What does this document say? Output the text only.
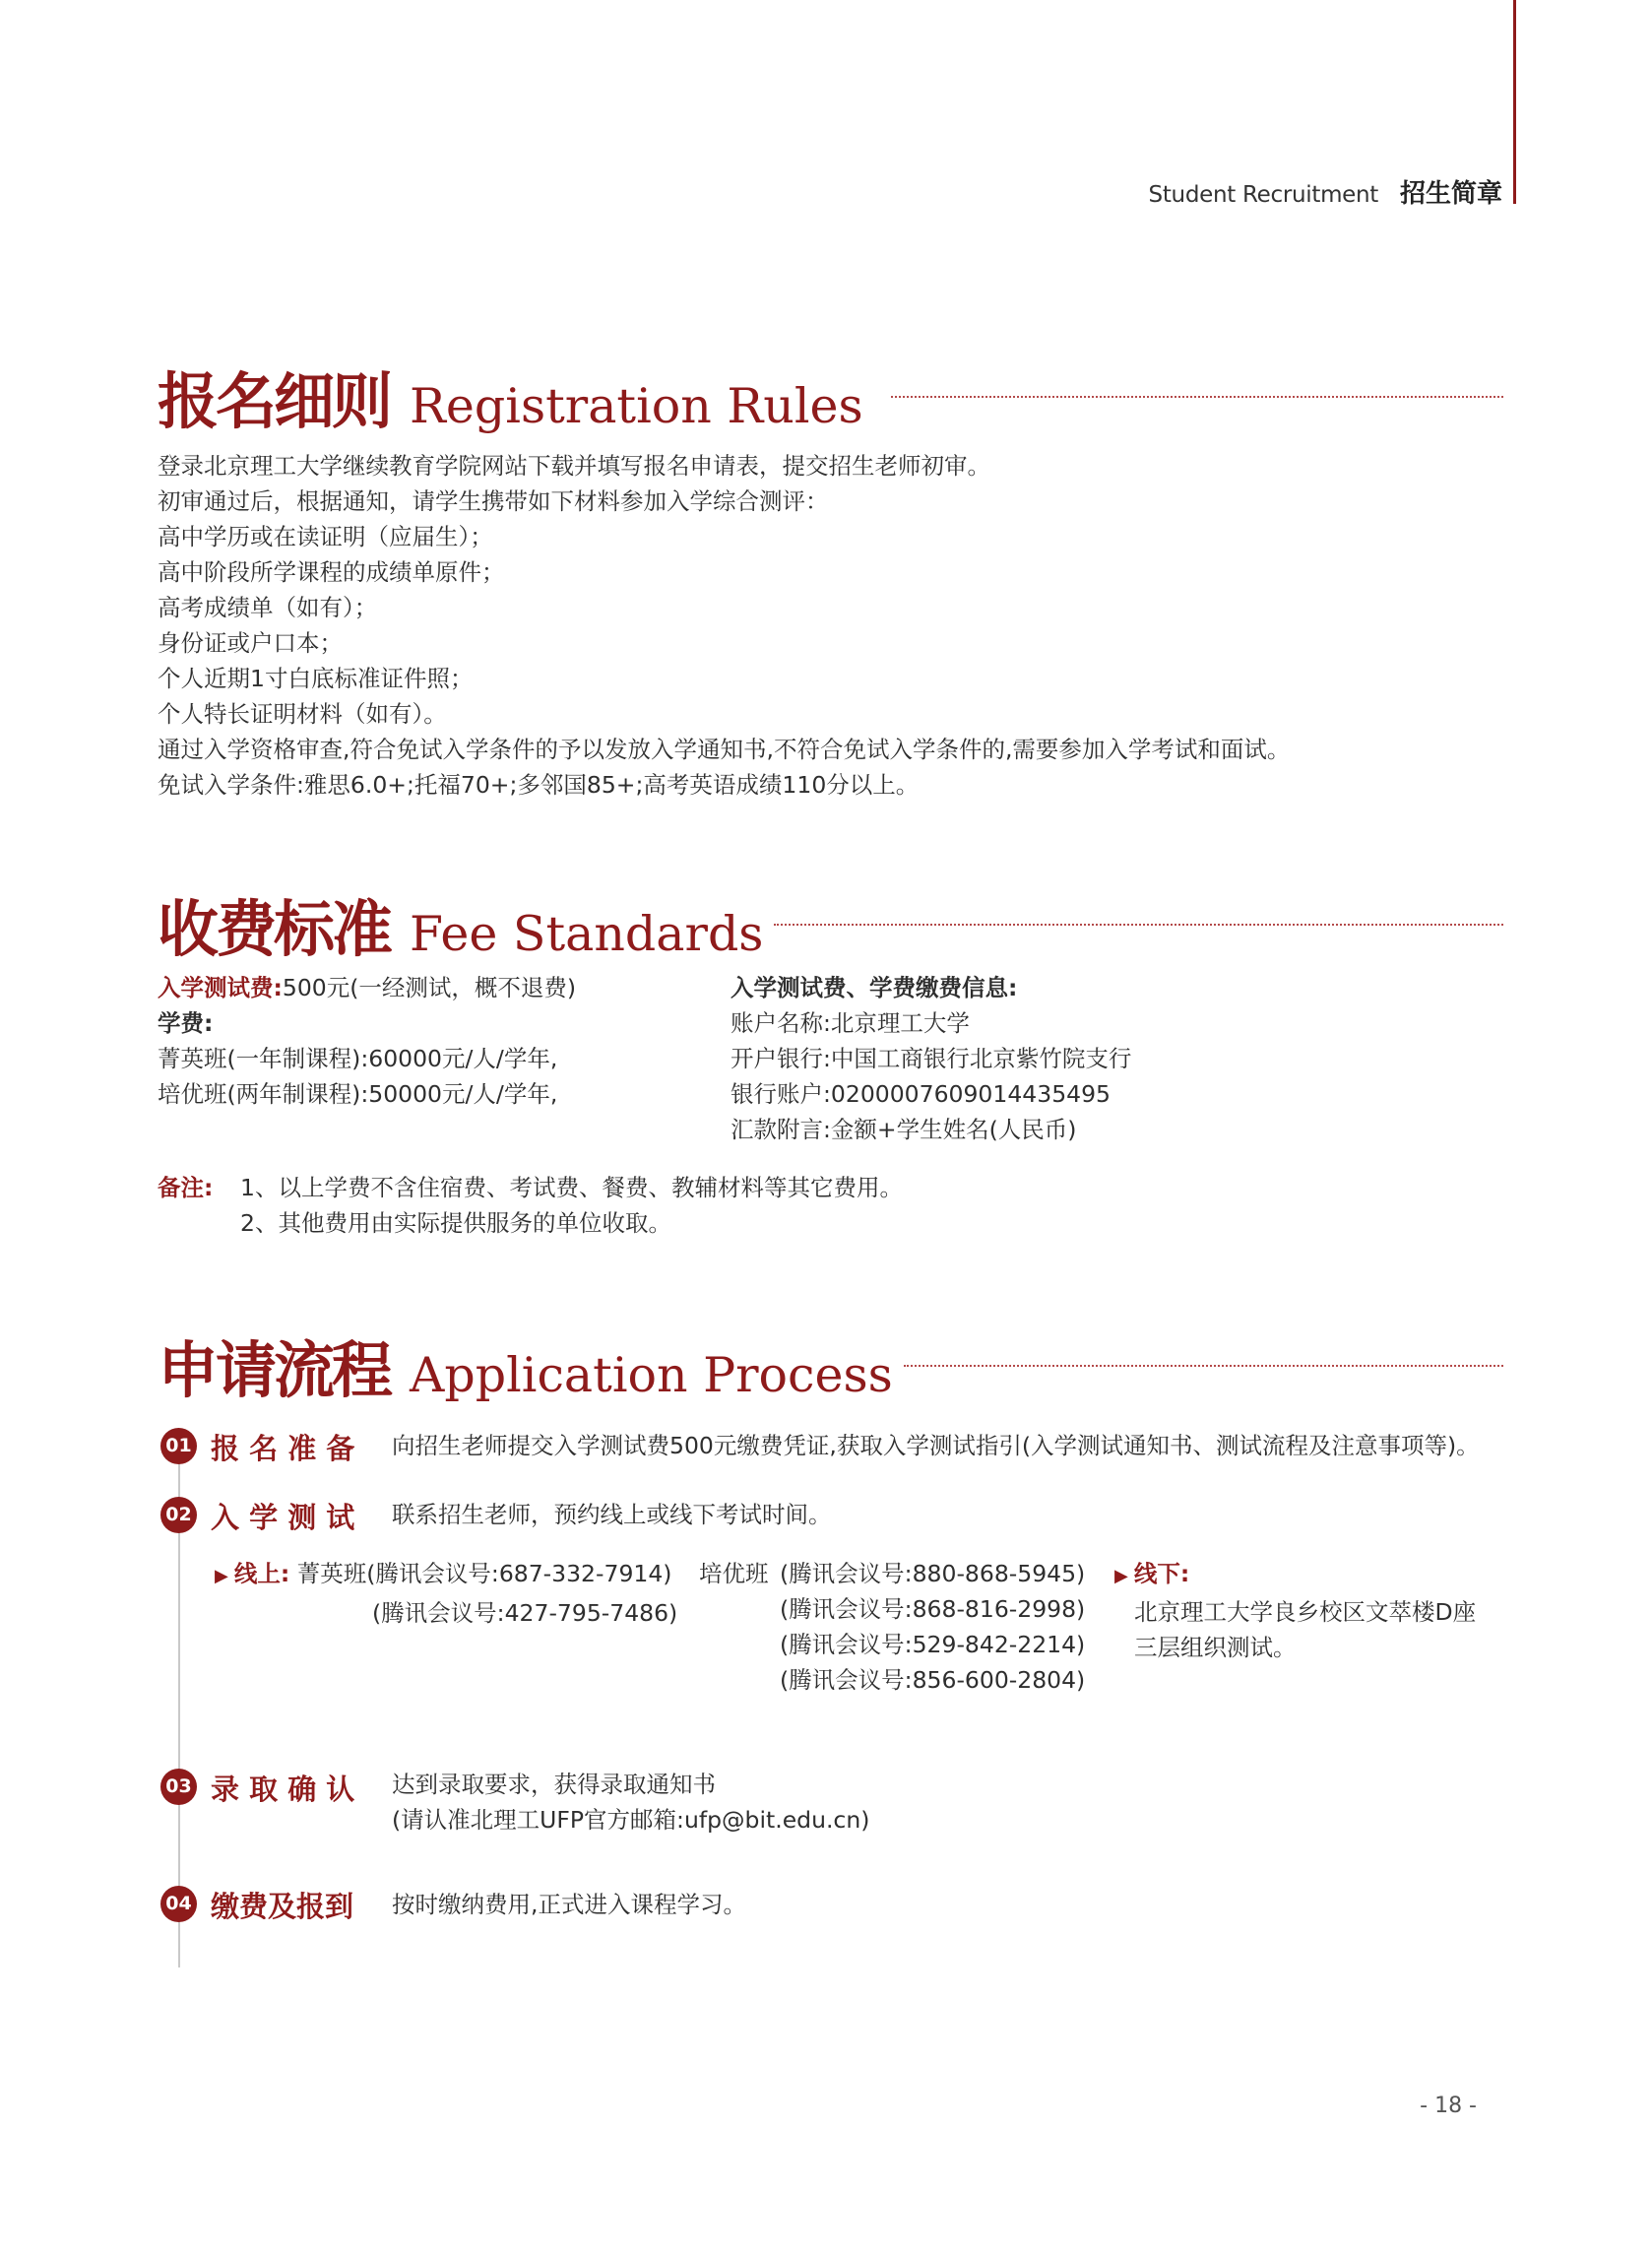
Student Recruitment 招生简章
报名细则 Registration Rules
登录北京理工大学继续教育学院网站下载并填写报名申请表，提交招生老师初审。
初审通过后，根据通知，请学生携带如下材料参加入学综合测评：
高中学历或在读证明（应届生）；
高中阶段所学课程的成绩单原件；
高考成绩单（如有）；
身份证或户口本；
个人近期1寸白底标准证件照；
个人特长证明材料（如有）。
通过入学资格审查,符合免试入学条件的予以发放入学通知书,不符合免试入学条件的,需要参加入学考试和面试。
免试入学条件:雅思6.0+;托福70+;多邻国85+;高考英语成绩110分以上。
收费标准 Fee Standards
入学测试费:500元(一经测试，概不退费)
学费:
菁英班(一年制课程):60000元/人/学年,
培优班(两年制课程):50000元/人/学年,
入学测试费、学费缴费信息:
账户名称:北京理工大学
开户银行:中国工商银行北京紫竹院支行
银行账户:0200007609014435495
汇款附言:金额+学生姓名(人民币)
备注: 1、以上学费不含住宿费、考试费、餐费、教辅材料等其它费用。
2、其他费用由实际提供服务的单位收取。
申请流程 Application Process
01 报 名 准 备 向招生老师提交入学测试费500元缴费凭证,获取入学测试指引(入学测试通知书、测试流程及注意事项等)。
02 入 学 测 试 联系招生老师，预约线上或线下考试时间。
▶ 线上: 菁英班(腾讯会议号:687-332-7914)
(腾讯会议号:427-795-7486)
培优班 (腾讯会议号:880-868-5945)
(腾讯会议号:868-816-2998)
(腾讯会议号:529-842-2214)
(腾讯会议号:856-600-2804)
▶ 线下:
北京理工大学良乡校区文萃楼D座
三层组织测试。
03 录 取 确 认 达到录取要求，获得录取通知书
(请认准北理工UFP官方邮箱:ufp@bit.edu.cn)
04 缴费及报到 按时缴纳费用,正式进入课程学习。
- 18 -
